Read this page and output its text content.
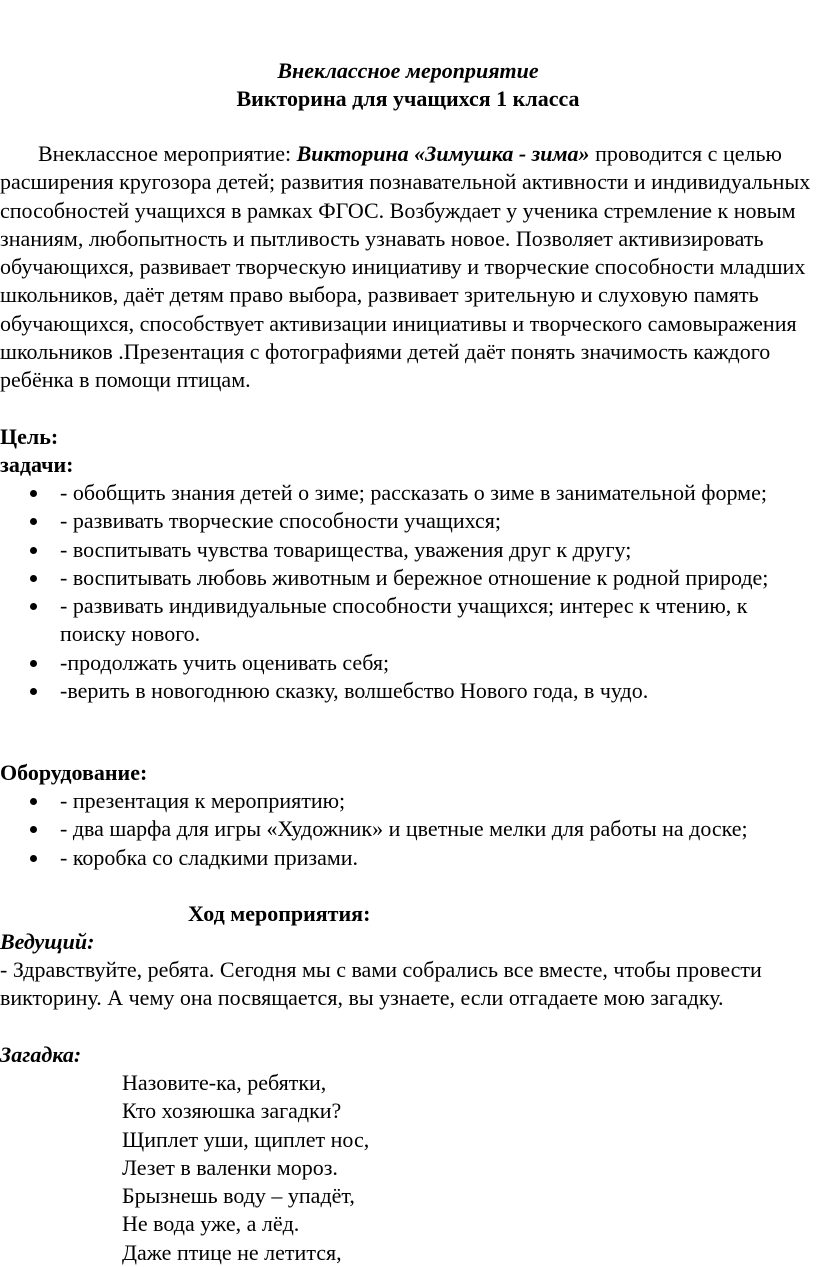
Внеклассное мероприятие
Викторина для учащихся 1 класса

Внеклассное мероприятие: Викторина «Зимушка - зима» проводится с целью расширения кругозора детей; развития познавательной активности и индивидуальных способностей учащихся в рамках ФГОС. Возбуждает у ученика стремление к новым знаниям, любопытность и пытливость узнавать новое. Позволяет активизировать обучающихся, развивает творческую инициативу и творческие способности младших школьников, даёт детям право выбора, развивает зрительную и слуховую память обучающихся, способствует активизации инициативы и творческого самовыражения школьников .Презентация с фотографиями детей даёт понять значимость каждого ребёнка в помощи птицам.

Цель:
задачи:
- обобщить знания детей о зиме; рассказать о зиме в занимательной форме;
- развивать творческие способности учащихся;
- воспитывать чувства товарищества, уважения друг к другу;
- воспитывать любовь животным и бережное отношение к родной природе;
- развивать индивидуальные способности учащихся; интерес к чтению, к поиску нового.
-продолжать учить оценивать себя;
-верить в новогоднюю сказку, волшебство Нового года, в чудо.
Оборудование:
- презентация к мероприятию;
- два шарфа для игры «Художник» и цветные мелки для работы на доске;
- коробка со сладкими призами.
Ход мероприятия:
Ведущий:

- Здравствуйте, ребята. Сегодня мы с вами собрались все вместе, чтобы провести викторину. А чему она посвящается, вы узнаете, если отгадаете мою загадку.

Загадка:
Назовите-ка, ребятки,
Кто хозяюшка загадки?
Щиплет уши, щиплет нос,
Лезет в валенки мороз.
Брызнешь воду – упадёт,
Не вода уже, а лёд.
Даже птице не летится,
